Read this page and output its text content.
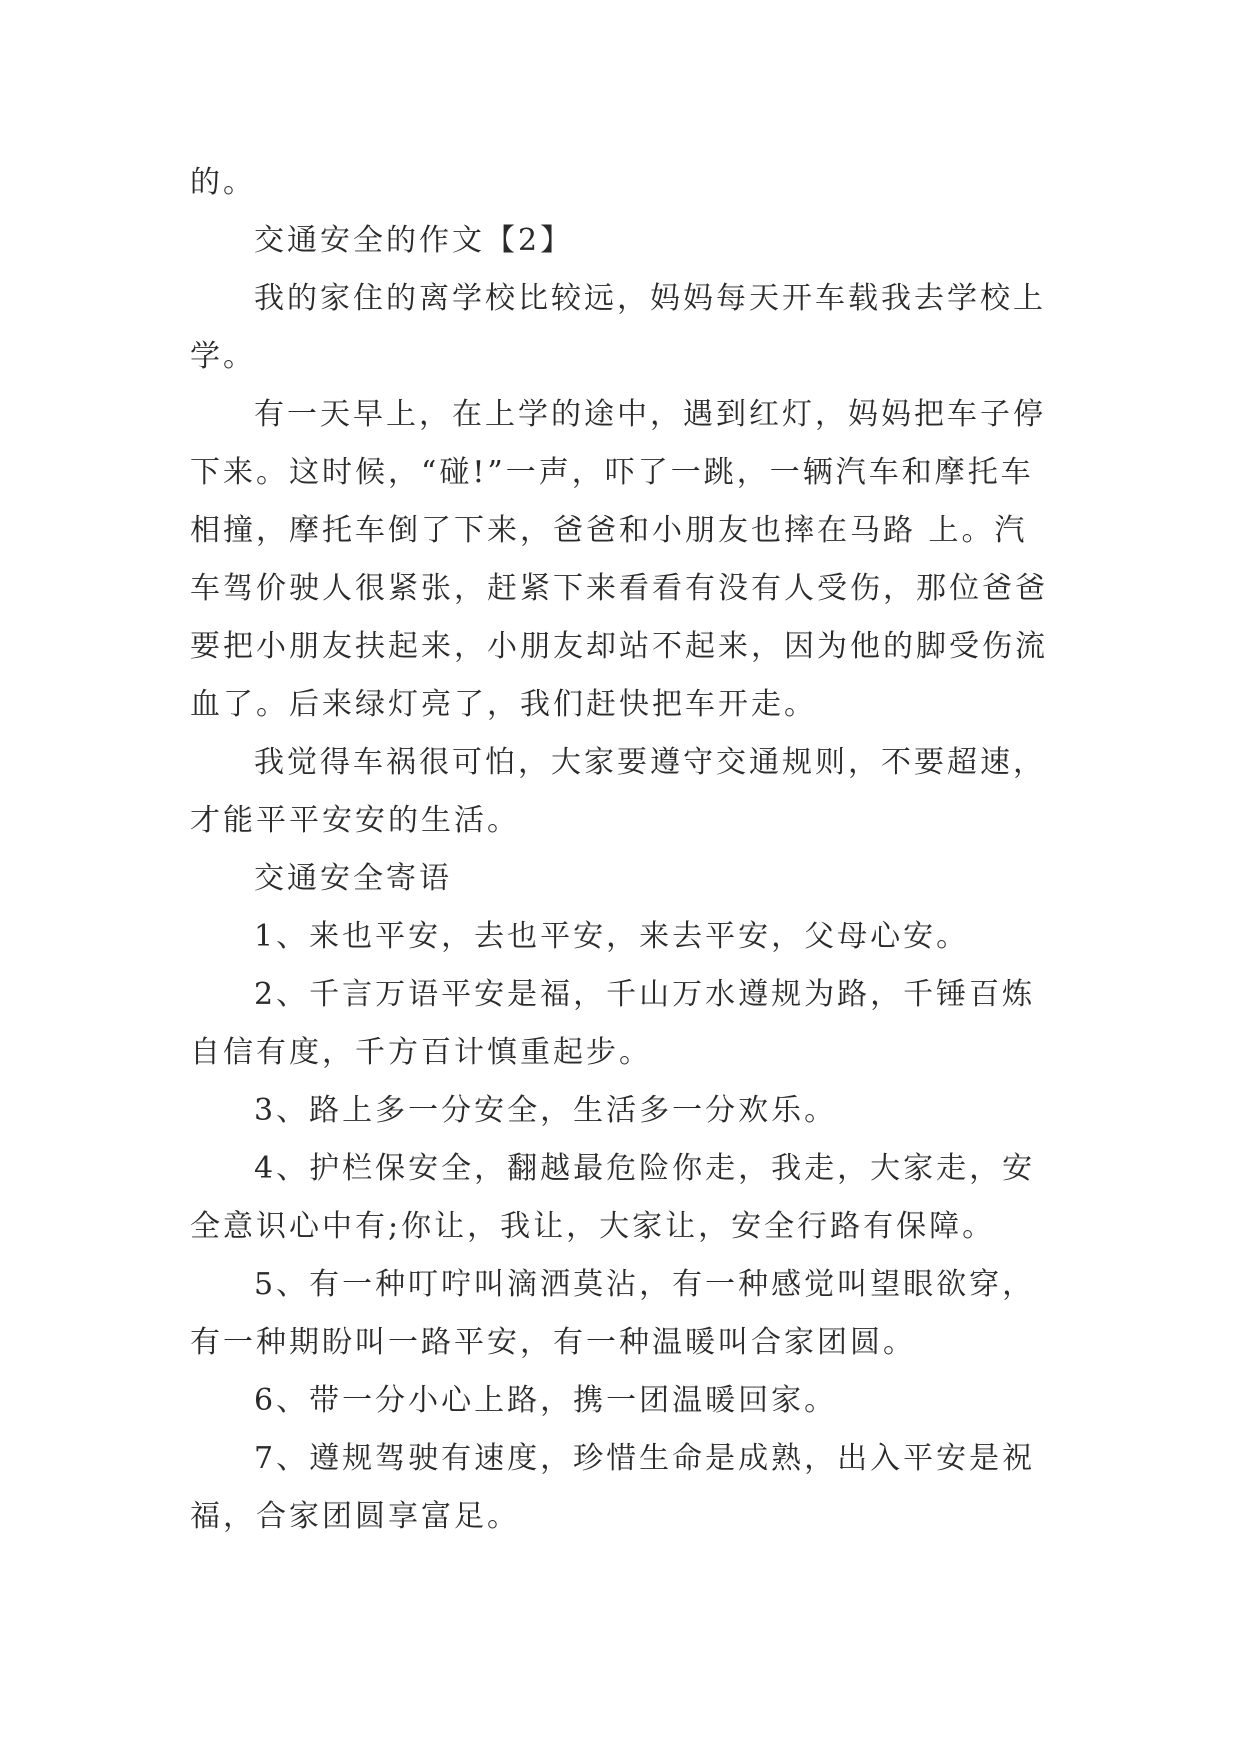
的。

交通安全的作文【2】

我的家住的离学校比较远，妈妈每天开车载我去学校上学。

有一天早上，在上学的途中，遇到红灯，妈妈把车子停下来。这时候，“碰!”一声，吓了一跳，一辆汽车和摩托车相撞，摩托车倒了下来，爸爸和小朋友也摔在马路 上。汽车驾价驶人很紧张，赶紧下来看看有没有人受伤，那位爸爸要把小朋友扶起来，小朋友却站不起来，因为他的脚受伤流血了。后来绿灯亮了，我们赶快把车开走。

我觉得车祸很可怕，大家要遵守交通规则，不要超速，才能平平安安的生活。

交通安全寄语

1、来也平安，去也平安，来去平安，父母心安。

2、千言万语平安是福，千山万水遵规为路，千锤百炼自信有度，千方百计慎重起步。

3、路上多一分安全，生活多一分欢乐。

4、护栏保安全，翻越最危险你走，我走，大家走，安全意识心中有;你让，我让，大家让，安全行路有保障。

5、有一种叮咛叫滴洒莫沾，有一种感觉叫望眼欲穿，有一种期盼叫一路平安，有一种温暖叫合家团圆。

6、带一分小心上路，携一团温暖回家。

7、遵规驾驶有速度，珍惜生命是成熟，出入平安是祝福，合家团圆享富足。
